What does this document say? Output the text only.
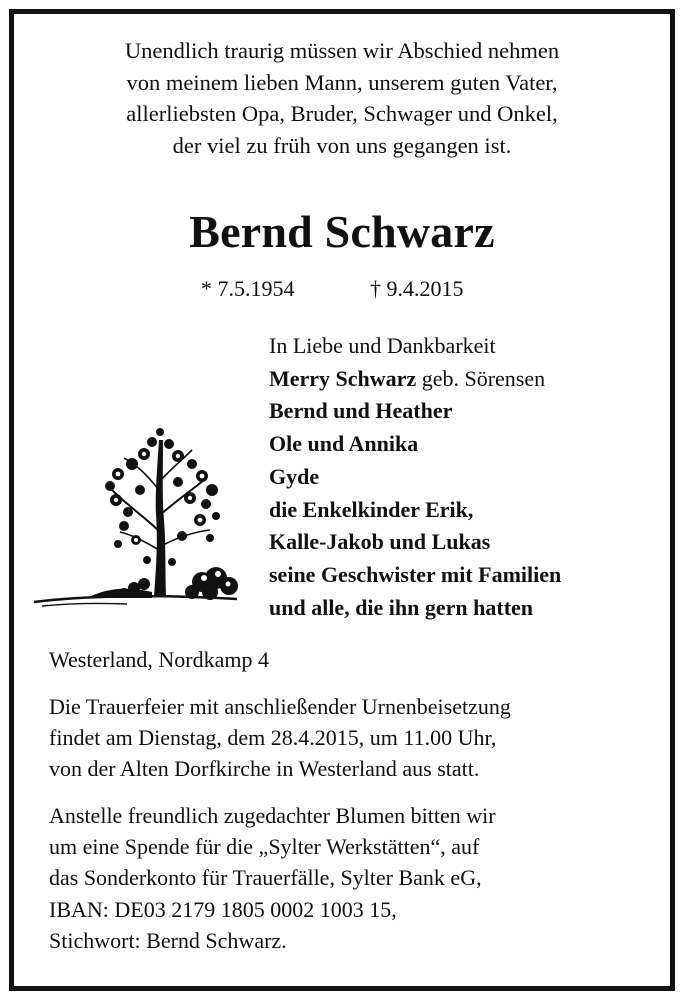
Unendlich traurig müssen wir Abschied nehmen
von meinem lieben Mann, unserem guten Vater,
allerliebsten Opa, Bruder, Schwager und Onkel,
der viel zu früh von uns gegangen ist.
Bernd Schwarz
* 7.5.1954	† 9.4.2015
In Liebe und Dankbarkeit
Merry Schwarz geb. Sörensen
Bernd und Heather
Ole und Annika
Gyde
die Enkelkinder Erik,
Kalle-Jakob und Lukas
seine Geschwister mit Familien
und alle, die ihn gern hatten
Westerland, Nordkamp 4
Die Trauerfeier mit anschließender Urnenbeisetzung
findet am Dienstag, dem 28.4.2015, um 11.00 Uhr,
von der Alten Dorfkirche in Westerland aus statt.
Anstelle freundlich zugedachter Blumen bitten wir
um eine Spende für die „Sylter Werkstätten“, auf
das Sonderkonto für Trauerfälle, Sylter Bank eG,
IBAN: DE03 2179 1805 0002 1003 15,
Stichwort: Bernd Schwarz.
